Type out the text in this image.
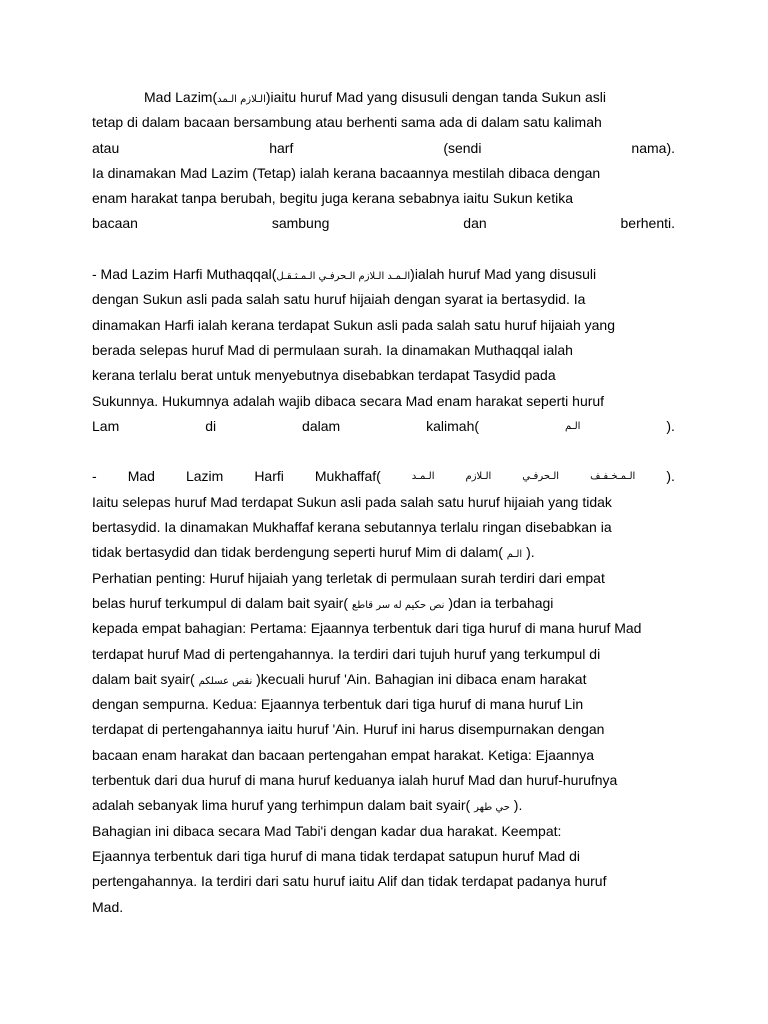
Mad Lazim(الـلازم الـمد)iaitu huruf Mad yang disusuli dengan tanda Sukun asli
tetap di dalam bacaan bersambung atau berhenti sama ada di dalam satu kalimah
atau	harf	(sendi	nama).
Ia dinamakan Mad Lazim (Tetap) ialah kerana bacaannya mestilah dibaca dengan
enam harakat tanpa berubah, begitu juga kerana sebabnya iaitu Sukun ketika
bacaan	sambung	dan	berhenti.
- Mad Lazim Harfi Muthaqqal(الـمـد الـلازم الـحرفـي الـمـثـقـل)ialah huruf Mad yang disusuli
dengan Sukun asli pada salah satu huruf hijaiah dengan syarat ia bertasydid. Ia
dinamakan Harfi ialah kerana terdapat Sukun asli pada salah satu huruf hijaiah yang
berada selepas huruf Mad di permulaan surah. Ia dinamakan Muthaqqal ialah
kerana terlalu berat untuk menyebutnya disebabkan terdapat Tasydid pada
Sukunnya. Hukumnya adalah wajib dibaca secara Mad enam harakat seperti huruf
Lam	di	dalam	kalimah(	الـم	).
- Mad Lazim Harfi Mukhaffaf(	الـمـد	الـلازم	الـحرفـي	الـمـخـفـف ).
Iaitu selepas huruf Mad terdapat Sukun asli pada salah satu huruf hijaiah yang tidak
bertasydid. Ia dinamakan Mukhaffaf kerana sebutannya terlalu ringan disebabkan ia
tidak bertasydid dan tidak berdengung seperti huruf Mim di dalam( الـم ).
Perhatian penting: Huruf hijaiah yang terletak di permulaan surah terdiri dari empat
belas huruf terkumpul di dalam bait syair( نص حكيم له سر قاطع )dan ia terbahagi
kepada empat bahagian: Pertama: Ejaannya terbentuk dari tiga huruf di mana huruf Mad
terdapat huruf Mad di pertengahannya. Ia terdiri dari tujuh huruf yang terkumpul di
dalam bait syair( نقص عسلكم )kecuali huruf 'Ain. Bahagian ini dibaca enam harakat
dengan sempurna. Kedua: Ejaannya terbentuk dari tiga huruf di mana huruf Lin
terdapat di pertengahannya iaitu huruf 'Ain. Huruf ini harus disempurnakan dengan
bacaan enam harakat dan bacaan pertengahan empat harakat. Ketiga: Ejaannya
terbentuk dari dua huruf di mana huruf keduanya ialah huruf Mad dan huruf-hurufnya
adalah sebanyak lima huruf yang terhimpun dalam bait syair( حي طهر ).
Bahagian ini dibaca secara Mad Tabi'i dengan kadar dua harakat. Keempat:
Ejaannya terbentuk dari tiga huruf di mana tidak terdapat satupun huruf Mad di
pertengahannya. Ia terdiri dari satu huruf iaitu Alif dan tidak terdapat padanya huruf
Mad.
